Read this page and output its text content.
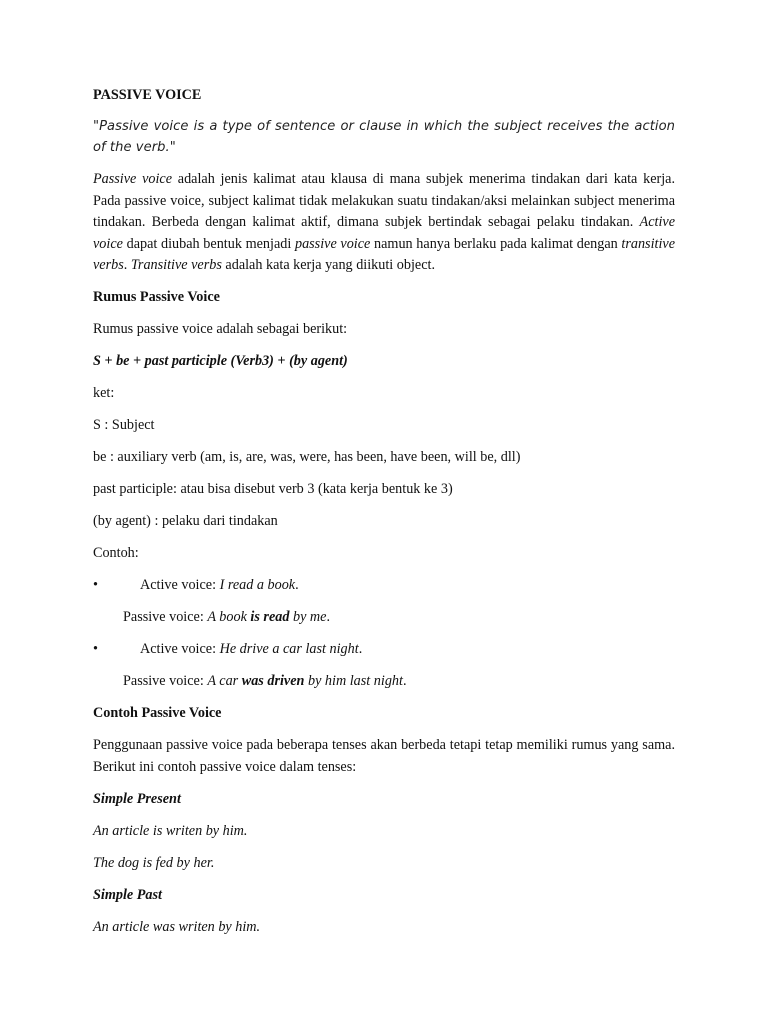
PASSIVE VOICE

"Passive voice is a type of sentence or clause in which the subject receives the action of the verb."

Passive voice adalah jenis kalimat atau klausa di mana subjek menerima tindakan dari kata kerja. Pada passive voice, subject kalimat tidak melakukan suatu tindakan/aksi melainkan subject menerima tindakan. Berbeda dengan kalimat aktif, dimana subjek bertindak sebagai pelaku tindakan. Active voice dapat diubah bentuk menjadi passive voice namun hanya berlaku pada kalimat dengan transitive verbs. Transitive verbs adalah kata kerja yang diikuti object.

Rumus Passive Voice

Rumus passive voice adalah sebagai berikut:

S + be + past participle (Verb3) + (by agent)

ket:

S : Subject

be : auxiliary verb (am, is, are, was, were, has been, have been, will be, dll)

past participle: atau bisa disebut verb 3 (kata kerja bentuk ke 3)

(by agent) : pelaku dari tindakan

Contoh:

•	Active voice: I read a book.

Passive voice: A book is read by me.

•	Active voice: He drive a car last night.

Passive voice: A car was driven by him last night.

Contoh Passive Voice

Penggunaan passive voice pada beberapa tenses akan berbeda tetapi tetap memiliki rumus yang sama. Berikut ini contoh passive voice dalam tenses:

Simple Present

An article is writen by him.

The dog is fed by her.

Simple Past

An article was writen by him.
